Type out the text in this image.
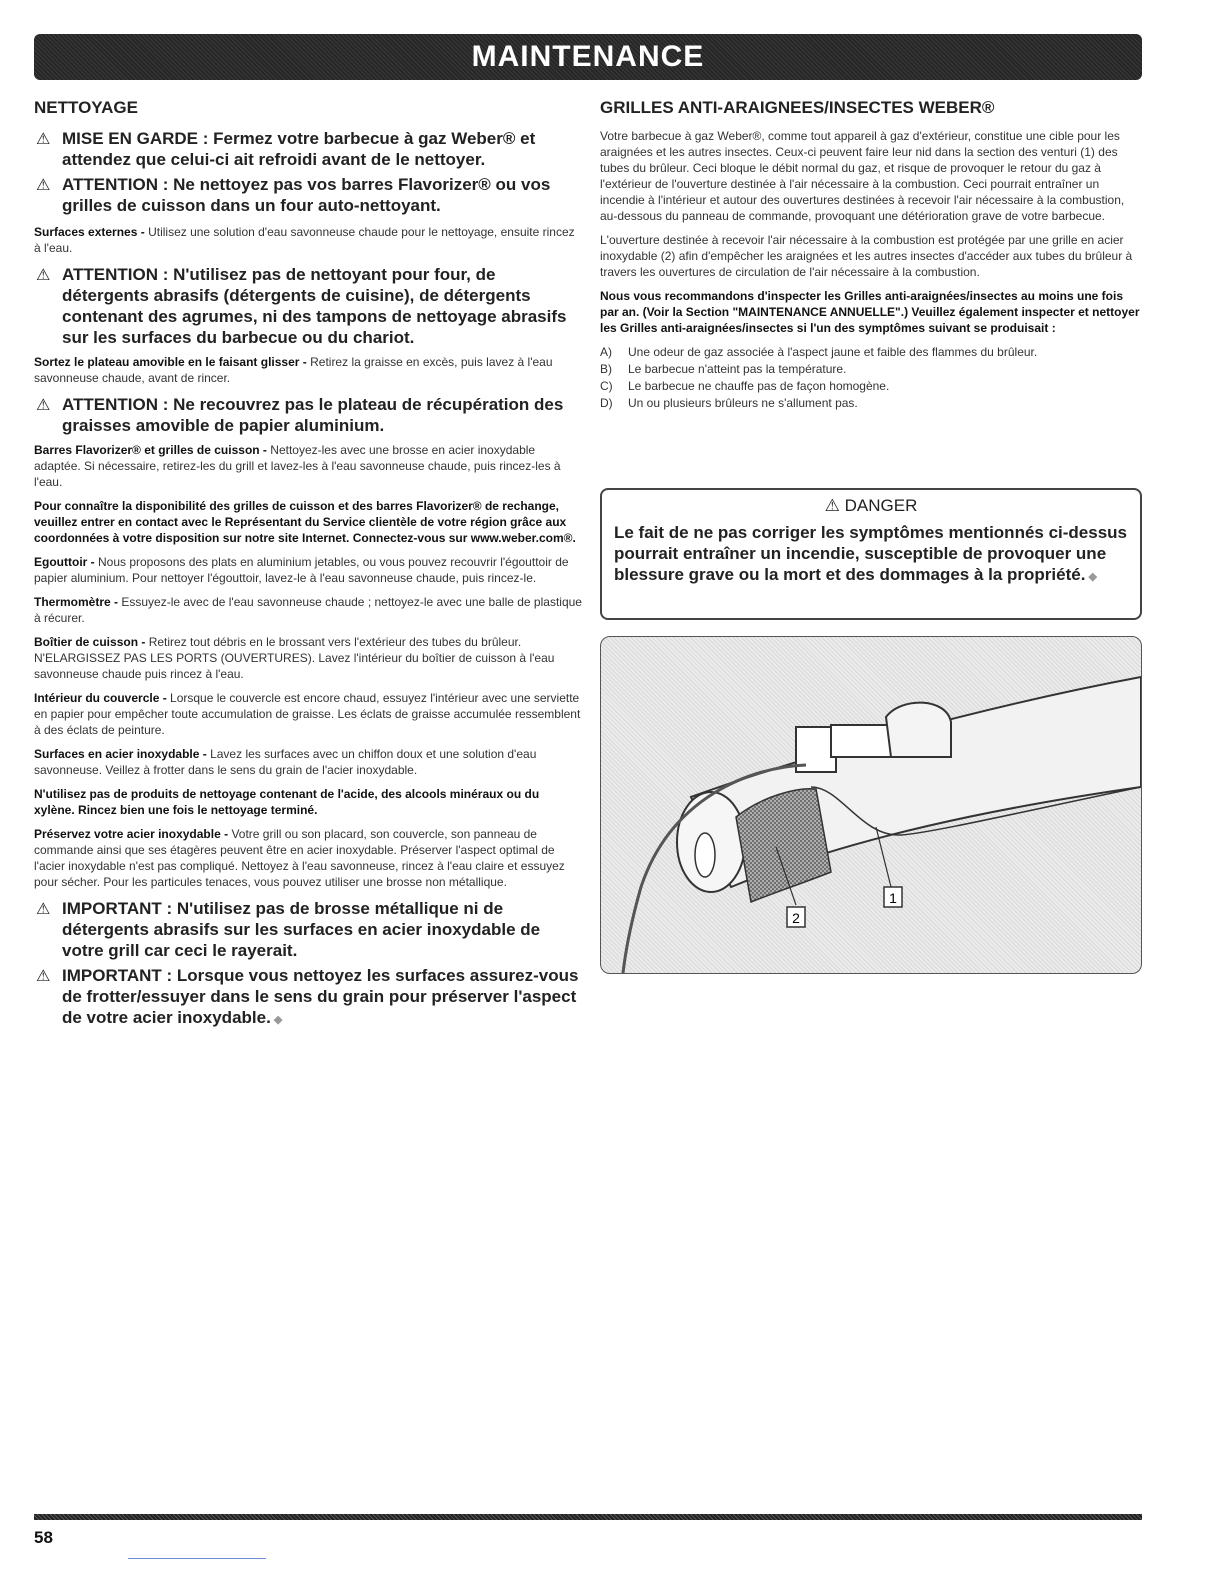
MAINTENANCE
NETTOYAGE
⚠ MISE EN GARDE : Fermez votre barbecue à gaz Weber® et attendez que celui-ci ait refroidi avant de le nettoyer.
⚠ ATTENTION : Ne nettoyez pas vos barres Flavorizer® ou vos grilles de cuisson dans un four auto-nettoyant.

Surfaces externes - Utilisez une solution d'eau savonneuse chaude pour le nettoyage, ensuite rincez à l'eau.

⚠ ATTENTION : N'utilisez pas de nettoyant pour four, de détergents abrasifs (détergents de cuisine), de détergents contenant des agrumes, ni des tampons de nettoyage abrasifs sur les surfaces du barbecue ou du chariot.

Sortez le plateau amovible en le faisant glisser - Retirez la graisse en excès, puis lavez à l'eau savonneuse chaude, avant de rincer.

⚠ ATTENTION : Ne recouvrez pas le plateau de récupération des graisses amovible de papier aluminium.

Barres Flavorizer® et grilles de cuisson - Nettoyez-les avec une brosse en acier inoxydable adaptée. Si nécessaire, retirez-les du grill et lavez-les à l'eau savonneuse chaude, puis rincez-les à l'eau.

Pour connaître la disponibilité des grilles de cuisson et des barres Flavorizer® de rechange, veuillez entrer en contact avec le Représentant du Service clientèle de votre région grâce aux coordonnées à votre disposition sur notre site Internet. Connectez-vous sur www.weber.com®.

Egouttoir - Nous proposons des plats en aluminium jetables, ou vous pouvez recouvrir l'égouttoir de papier aluminium. Pour nettoyer l'égouttoir, lavez-le à l'eau savonneuse chaude, puis rincez-le.

Thermomètre - Essuyez-le avec de l'eau savonneuse chaude ; nettoyez-le avec une balle de plastique à récurer.

Boîtier de cuisson - Retirez tout débris en le brossant vers l'extérieur des tubes du brûleur. N'ELARGISSEZ PAS LES PORTS (OUVERTURES). Lavez l'intérieur du boîtier de cuisson à l'eau savonneuse chaude puis rincez à l'eau.

Intérieur du couvercle - Lorsque le couvercle est encore chaud, essuyez l'intérieur avec une serviette en papier pour empêcher toute accumulation de graisse. Les éclats de graisse accumulée ressemblent à des éclats de peinture.

Surfaces en acier inoxydable - Lavez les surfaces avec un chiffon doux et une solution d'eau savonneuse. Veillez à frotter dans le sens du grain de l'acier inoxydable.

N'utilisez pas de produits de nettoyage contenant de l'acide, des alcools minéraux ou du xylène. Rincez bien une fois le nettoyage terminé.

Préservez votre acier inoxydable - Votre grill ou son placard, son couvercle, son panneau de commande ainsi que ses étagères peuvent être en acier inoxydable. Préserver l'aspect optimal de l'acier inoxydable n'est pas compliqué. Nettoyez à l'eau savonneuse, rincez à l'eau claire et essuyez pour sécher. Pour les particules tenaces, vous pouvez utiliser une brosse non métallique.

⚠ IMPORTANT : N'utilisez pas de brosse métallique ni de détergents abrasifs sur les surfaces en acier inoxydable de votre grill car ceci le rayerait.
⚠ IMPORTANT : Lorsque vous nettoyez les surfaces assurez-vous de frotter/essuyer dans le sens du grain pour préserver l'aspect de votre acier inoxydable. ◆
GRILLES ANTI-ARAIGNEES/INSECTES WEBER®

Votre barbecue à gaz Weber®, comme tout appareil à gaz d'extérieur, constitue une cible pour les araignées et les autres insectes. Ceux-ci peuvent faire leur nid dans la section des venturi (1) des tubes du brûleur. Ceci bloque le débit normal du gaz, et risque de provoquer le retour du gaz à l'extérieur de l'ouverture destinée à l'air nécessaire à la combustion. Ceci pourrait entraîner un incendie à l'intérieur et autour des ouvertures destinées à recevoir l'air nécessaire à la combustion, au-dessous du panneau de commande, provoquant une détérioration grave de votre barbecue.

L'ouverture destinée à recevoir l'air nécessaire à la combustion est protégée par une grille en acier inoxydable (2) afin d'empêcher les araignées et les autres insectes d'accéder aux tubes du brûleur à travers les ouvertures de circulation de l'air nécessaire à la combustion.

Nous vous recommandons d'inspecter les Grilles anti-araignées/insectes au moins une fois par an. (Voir la Section "MAINTENANCE ANNUELLE".) Veuillez également inspecter et nettoyer les Grilles anti-araignées/insectes si l'un des symptômes suivant se produisait :

A)	Une odeur de gaz associée à l'aspect jaune et faible des flammes du brûleur.
B)	Le barbecue n'atteint pas la température.
C)	Le barbecue ne chauffe pas de façon homogène.
D)	Un ou plusieurs brûleurs ne s'allument pas.
⚠ DANGER
Le fait de ne pas corriger les symptômes mentionnés ci-dessus pourrait entraîner un incendie, susceptible de provoquer une blessure grave ou la mort et des dommages à la propriété. ◆
1
2
58
